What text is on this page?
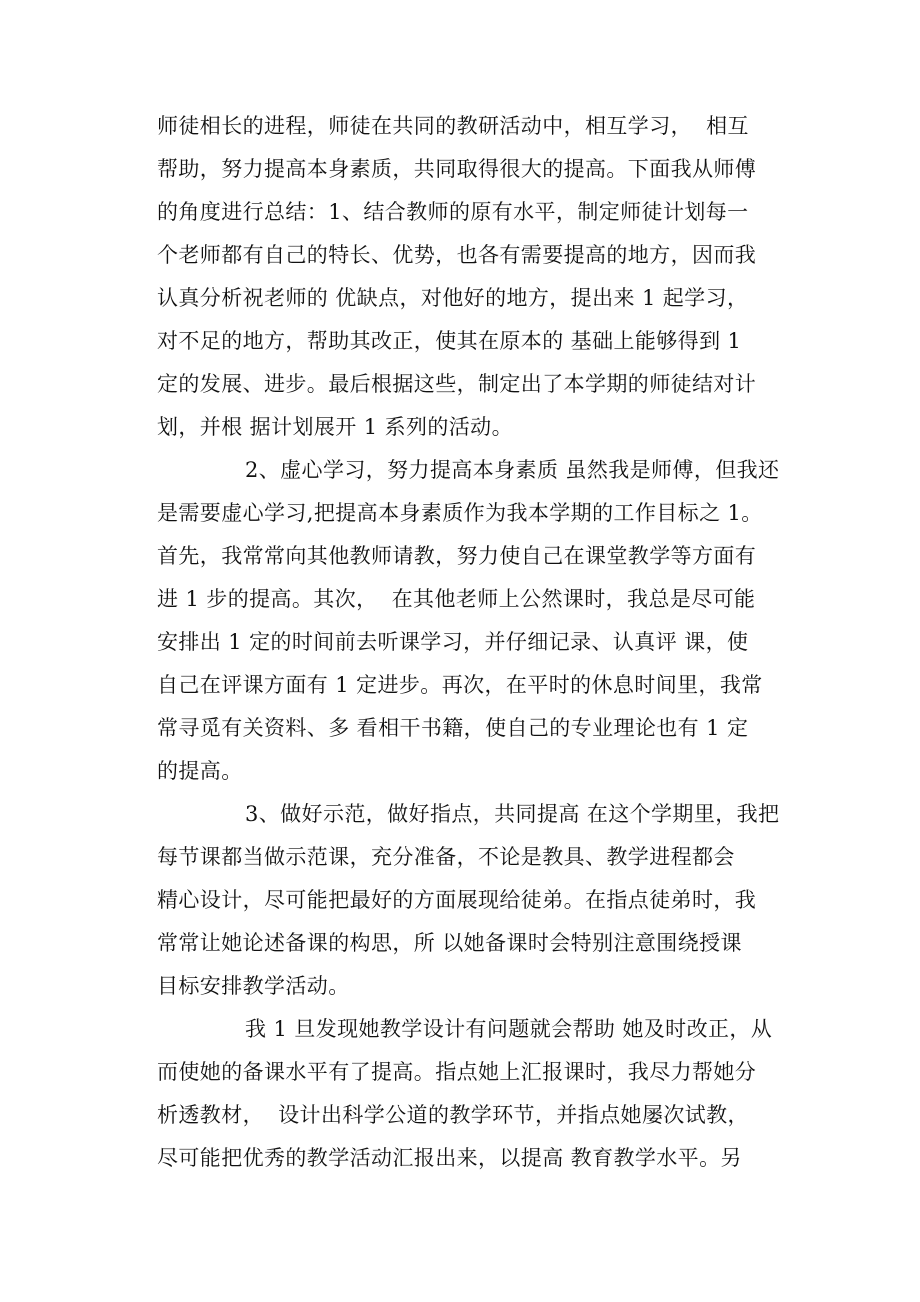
师徒相长的进程，师徒在共同的教研活动中，相互学习，  相互
帮助，努力提高本身素质，共同取得很大的提高。下面我从师傅
的角度进行总结：1、结合教师的原有水平，制定师徒计划每一
个老师都有自己的特长、优势，也各有需要提高的地方，因而我
认真分析祝老师的 优缺点，对他好的地方，提出来 1 起学习，
对不足的地方，帮助其改正，使其在原本的 基础上能够得到 1
定的发展、进步。最后根据这些，制定出了本学期的师徒结对计
划，并根 据计划展开 1 系列的活动。
2、虚心学习，努力提高本身素质 虽然我是师傅，但我还
是需要虚心学习,把提高本身素质作为我本学期的工作目标之 1。
首先，我常常向其他教师请教，努力使自己在课堂教学等方面有
进 1 步的提高。其次，  在其他老师上公然课时，我总是尽可能
安排出 1 定的时间前去听课学习，并仔细记录、认真评 课，使
自己在评课方面有 1 定进步。再次，在平时的休息时间里，我常
常寻觅有关资料、多 看相干书籍，使自己的专业理论也有 1 定
的提高。
3、做好示范，做好指点，共同提高 在这个学期里，我把
每节课都当做示范课，充分准备，不论是教具、教学进程都会
精心设计，尽可能把最好的方面展现给徒弟。在指点徒弟时，我
常常让她论述备课的构思，所 以她备课时会特别注意围绕授课
目标安排教学活动。
我 1 旦发现她教学设计有问题就会帮助 她及时改正，从
而使她的备课水平有了提高。指点她上汇报课时，我尽力帮她分
析透教材，  设计出科学公道的教学环节，并指点她屡次试教，
尽可能把优秀的教学活动汇报出来，以提高 教育教学水平。另
